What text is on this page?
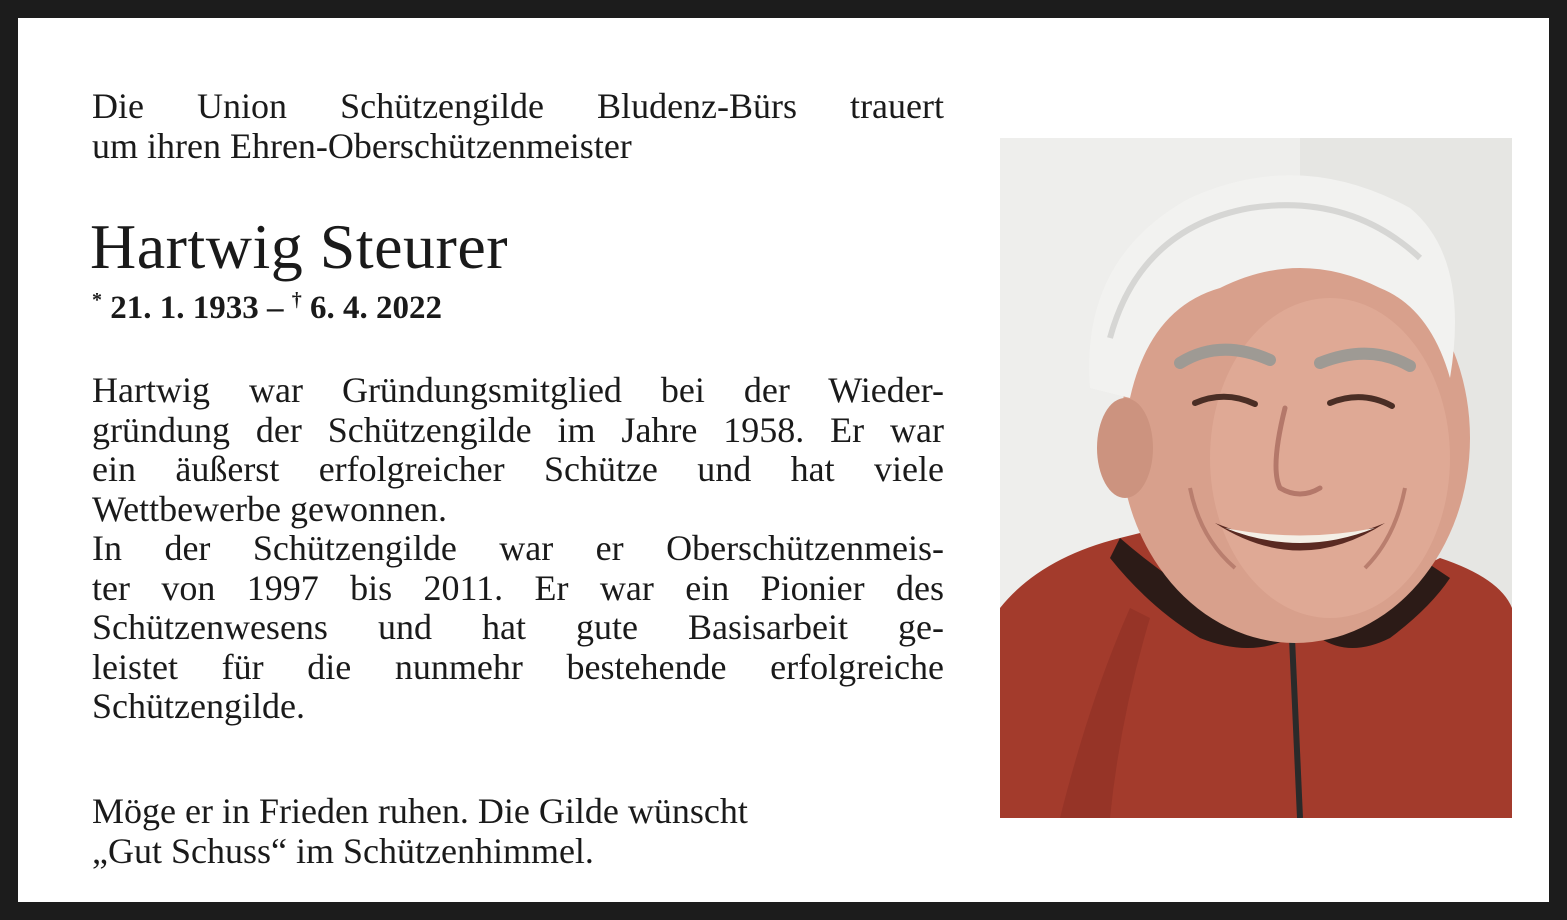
Die Union Schützengilde Bludenz-Bürs trauert
um ihren Ehren-Oberschützenmeister

Hartwig Steurer

* 21. 1. 1933 – † 6. 4. 2022

Hartwig war Gründungsmitglied bei der Wieder-
gründung der Schützengilde im Jahre 1958. Er war
ein äußerst erfolgreicher Schütze und hat viele
Wettbewerbe gewonnen.
In der Schützengilde war er Oberschützenmeis-
ter von 1997 bis 2011. Er war ein Pionier des
Schützenwesens und hat gute Basisarbeit ge-
leistet für die nunmehr bestehende erfolgreiche
Schützengilde.

Möge er in Frieden ruhen. Die Gilde wünscht
„Gut Schuss“ im Schützenhimmel.
